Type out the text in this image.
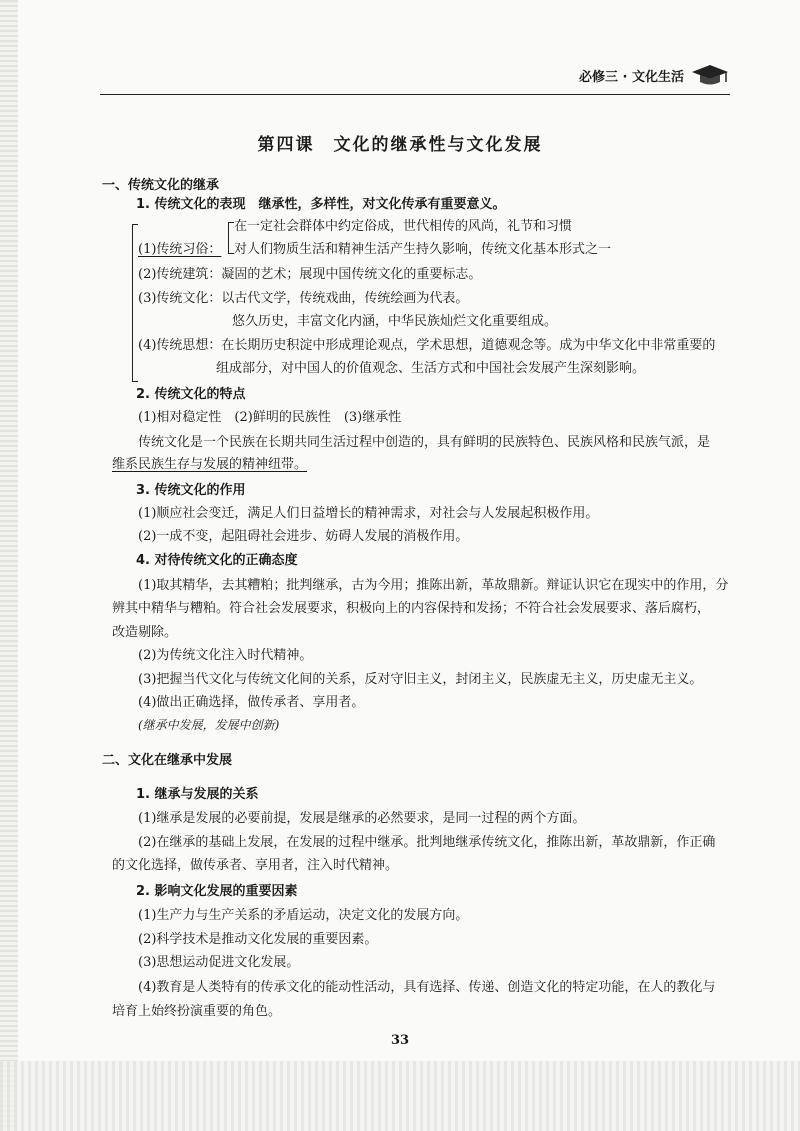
必修三 · 文化生活
第四课　文化的继承性与文化发展
一、传统文化的继承
1. 传统文化的表现　继承性，多样性，对文化传承有重要意义。
(1)传统习俗：
在一定社会群体中约定俗成，世代相传的风尚，礼节和习惯
对人们物质生活和精神生活产生持久影响，传统文化基本形式之一
(2)传统建筑：凝固的艺术；展现中国传统文化的重要标志。
(3)传统文化：以古代文学，传统戏曲，传统绘画为代表。
悠久历史，丰富文化内涵，中华民族灿烂文化重要组成。
(4)传统思想：在长期历史积淀中形成理论观点，学术思想，道德观念等。成为中华文化中非常重要的
组成部分，对中国人的价值观念、生活方式和中国社会发展产生深刻影响。
2. 传统文化的特点
(1)相对稳定性　(2)鲜明的民族性　(3)继承性
传统文化是一个民族在长期共同生活过程中创造的，具有鲜明的民族特色、民族风格和民族气派，是
维系民族生存与发展的精神纽带。
3. 传统文化的作用
(1)顺应社会变迁，满足人们日益增长的精神需求，对社会与人发展起积极作用。
(2)一成不变，起阻碍社会进步、妨碍人发展的消极作用。
4. 对待传统文化的正确态度
(1)取其精华，去其糟粕；批判继承，古为今用；推陈出新，革故鼎新。辩证认识它在现实中的作用，分
辨其中精华与糟粕。符合社会发展要求，积极向上的内容保持和发扬；不符合社会发展要求、落后腐朽，
改造剔除。
(2)为传统文化注入时代精神。
(3)把握当代文化与传统文化间的关系，反对守旧主义，封闭主义，民族虚无主义，历史虚无主义。
(4)做出正确选择，做传承者、享用者。
(继承中发展，发展中创新)
二、文化在继承中发展
1. 继承与发展的关系
(1)继承是发展的必要前提，发展是继承的必然要求，是同一过程的两个方面。
(2)在继承的基础上发展，在发展的过程中继承。批判地继承传统文化，推陈出新，革故鼎新，作正确
的文化选择，做传承者、享用者，注入时代精神。
2. 影响文化发展的重要因素
(1)生产力与生产关系的矛盾运动，决定文化的发展方向。
(2)科学技术是推动文化发展的重要因素。
(3)思想运动促进文化发展。
(4)教育是人类特有的传承文化的能动性活动，具有选择、传递、创造文化的特定功能，在人的教化与
培育上始终扮演重要的角色。
33
